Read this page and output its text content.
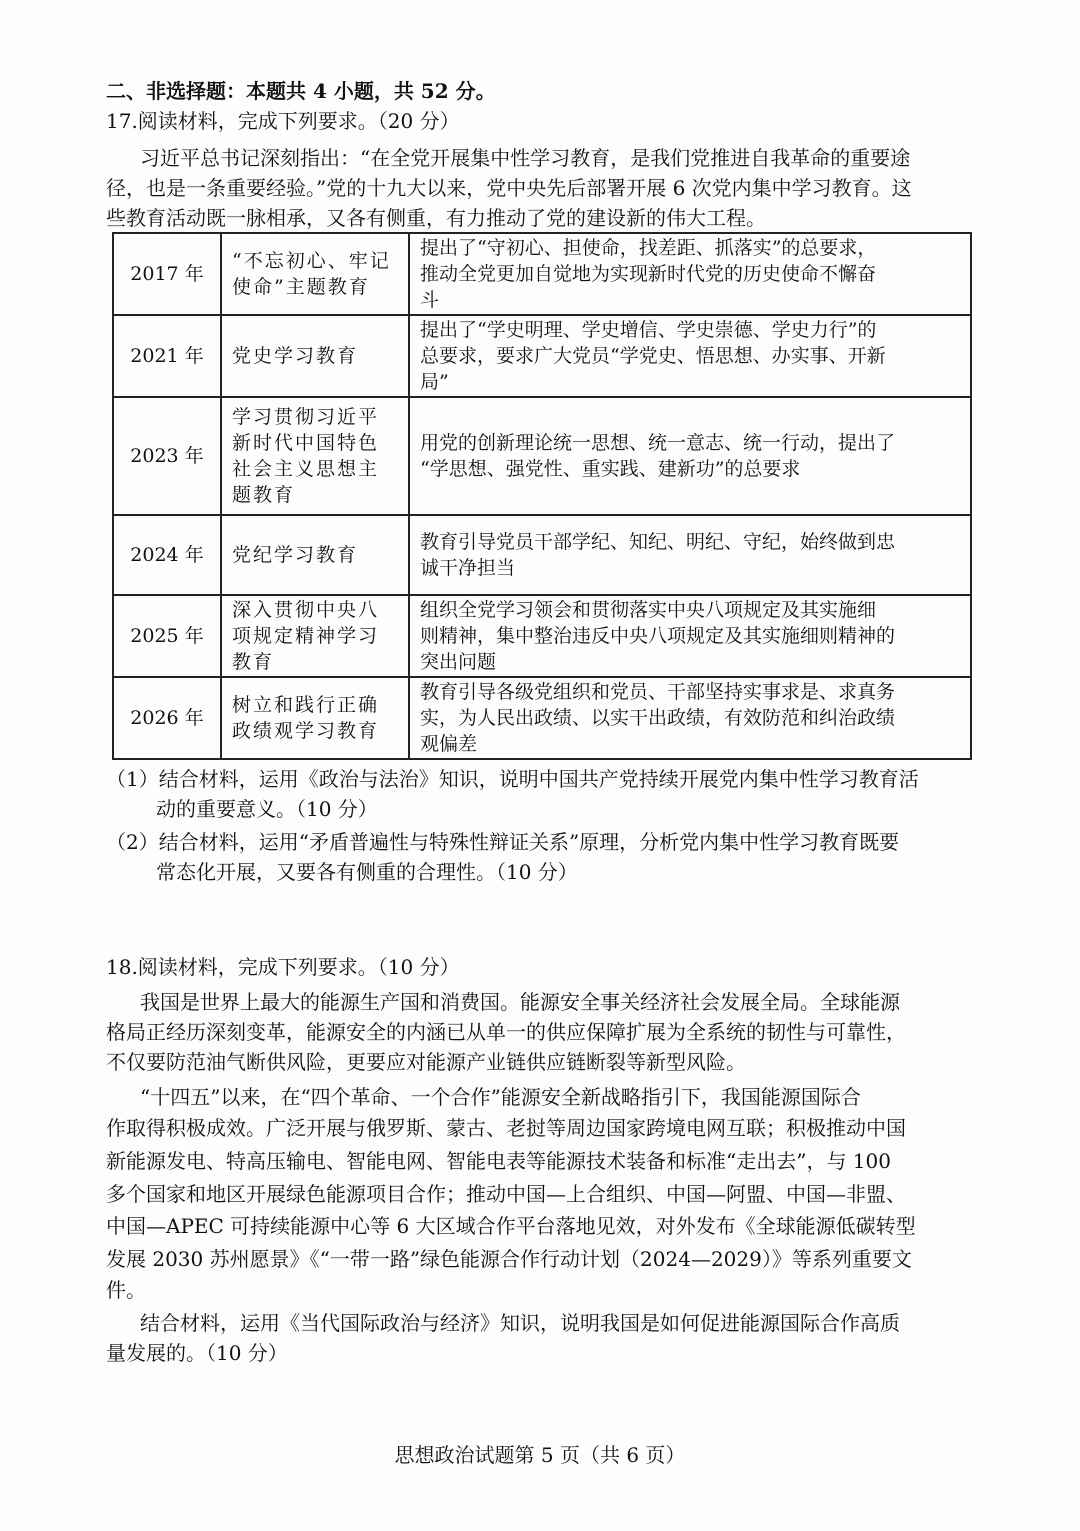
二、非选择题：本题共 4 小题，共 52 分。
17.阅读材料，完成下列要求。（20 分）
习近平总书记深刻指出：“在全党开展集中性学习教育，是我们党推进自我革命的重要途
径，也是一条重要经验。”党的十九大以来，党中央先后部署开展 6 次党内集中学习教育。这
些教育活动既一脉相承，又各有侧重，有力推动了党的建设新的伟大工程。
2017 年	“不忘初心、牢记使命”主题教育	提出了“守初心、担使命，找差距、抓落实”的总要求，
推动全党更加自觉地为实现新时代党的历史使命不懈奋
斗

2021 年	党史学习教育	提出了“学史明理、学史增信、学史崇德、学史力行”的
总要求，要求广大党员“学党史、悟思想、办实事、开新
局”

2023 年	学习贯彻习近平新时代中国特色社会主义思想主题教育	用党的创新理论统一思想、统一意志、统一行动，提出了
“学思想、强党性、重实践、建新功”的总要求

2024 年	党纪学习教育	教育引导党员干部学纪、知纪、明纪、守纪，始终做到忠
诚干净担当

2025 年	深入贯彻中央八项规定精神学习教育	组织全党学习领会和贯彻落实中央八项规定及其实施细
则精神，集中整治违反中央八项规定及其实施细则精神的
突出问题

2026 年	树立和践行正确政绩观学习教育	教育引导各级党组织和党员、干部坚持实事求是、求真务
实，为人民出政绩、以实干出政绩，有效防范和纠治政绩
观偏差
（1）结合材料，运用《政治与法治》知识，说明中国共产党持续开展党内集中性学习教育活
动的重要意义。（10 分）
（2）结合材料，运用“矛盾普遍性与特殊性辩证关系”原理，分析党内集中性学习教育既要
常态化开展，又要各有侧重的合理性。（10 分）
18.阅读材料，完成下列要求。（10 分）
我国是世界上最大的能源生产国和消费国。能源安全事关经济社会发展全局。全球能源
格局正经历深刻变革，能源安全的内涵已从单一的供应保障扩展为全系统的韧性与可靠性，
不仅要防范油气断供风险，更要应对能源产业链供应链断裂等新型风险。
“十四五”以来，在“四个革命、一个合作”能源安全新战略指引下，我国能源国际合
作取得积极成效。广泛开展与俄罗斯、蒙古、老挝等周边国家跨境电网互联；积极推动中国
新能源发电、特高压输电、智能电网、智能电表等能源技术装备和标准“走出去”，与 100
多个国家和地区开展绿色能源项目合作；推动中国—上合组织、中国—阿盟、中国—非盟、
中国—APEC 可持续能源中心等 6 大区域合作平台落地见效，对外发布《全球能源低碳转型
发展 2030 苏州愿景》《“一带一路”绿色能源合作行动计划（2024—2029）》等系列重要文
件。
结合材料，运用《当代国际政治与经济》知识，说明我国是如何促进能源国际合作高质
量发展的。（10 分）
思想政治试题第 5 页（共 6 页）
